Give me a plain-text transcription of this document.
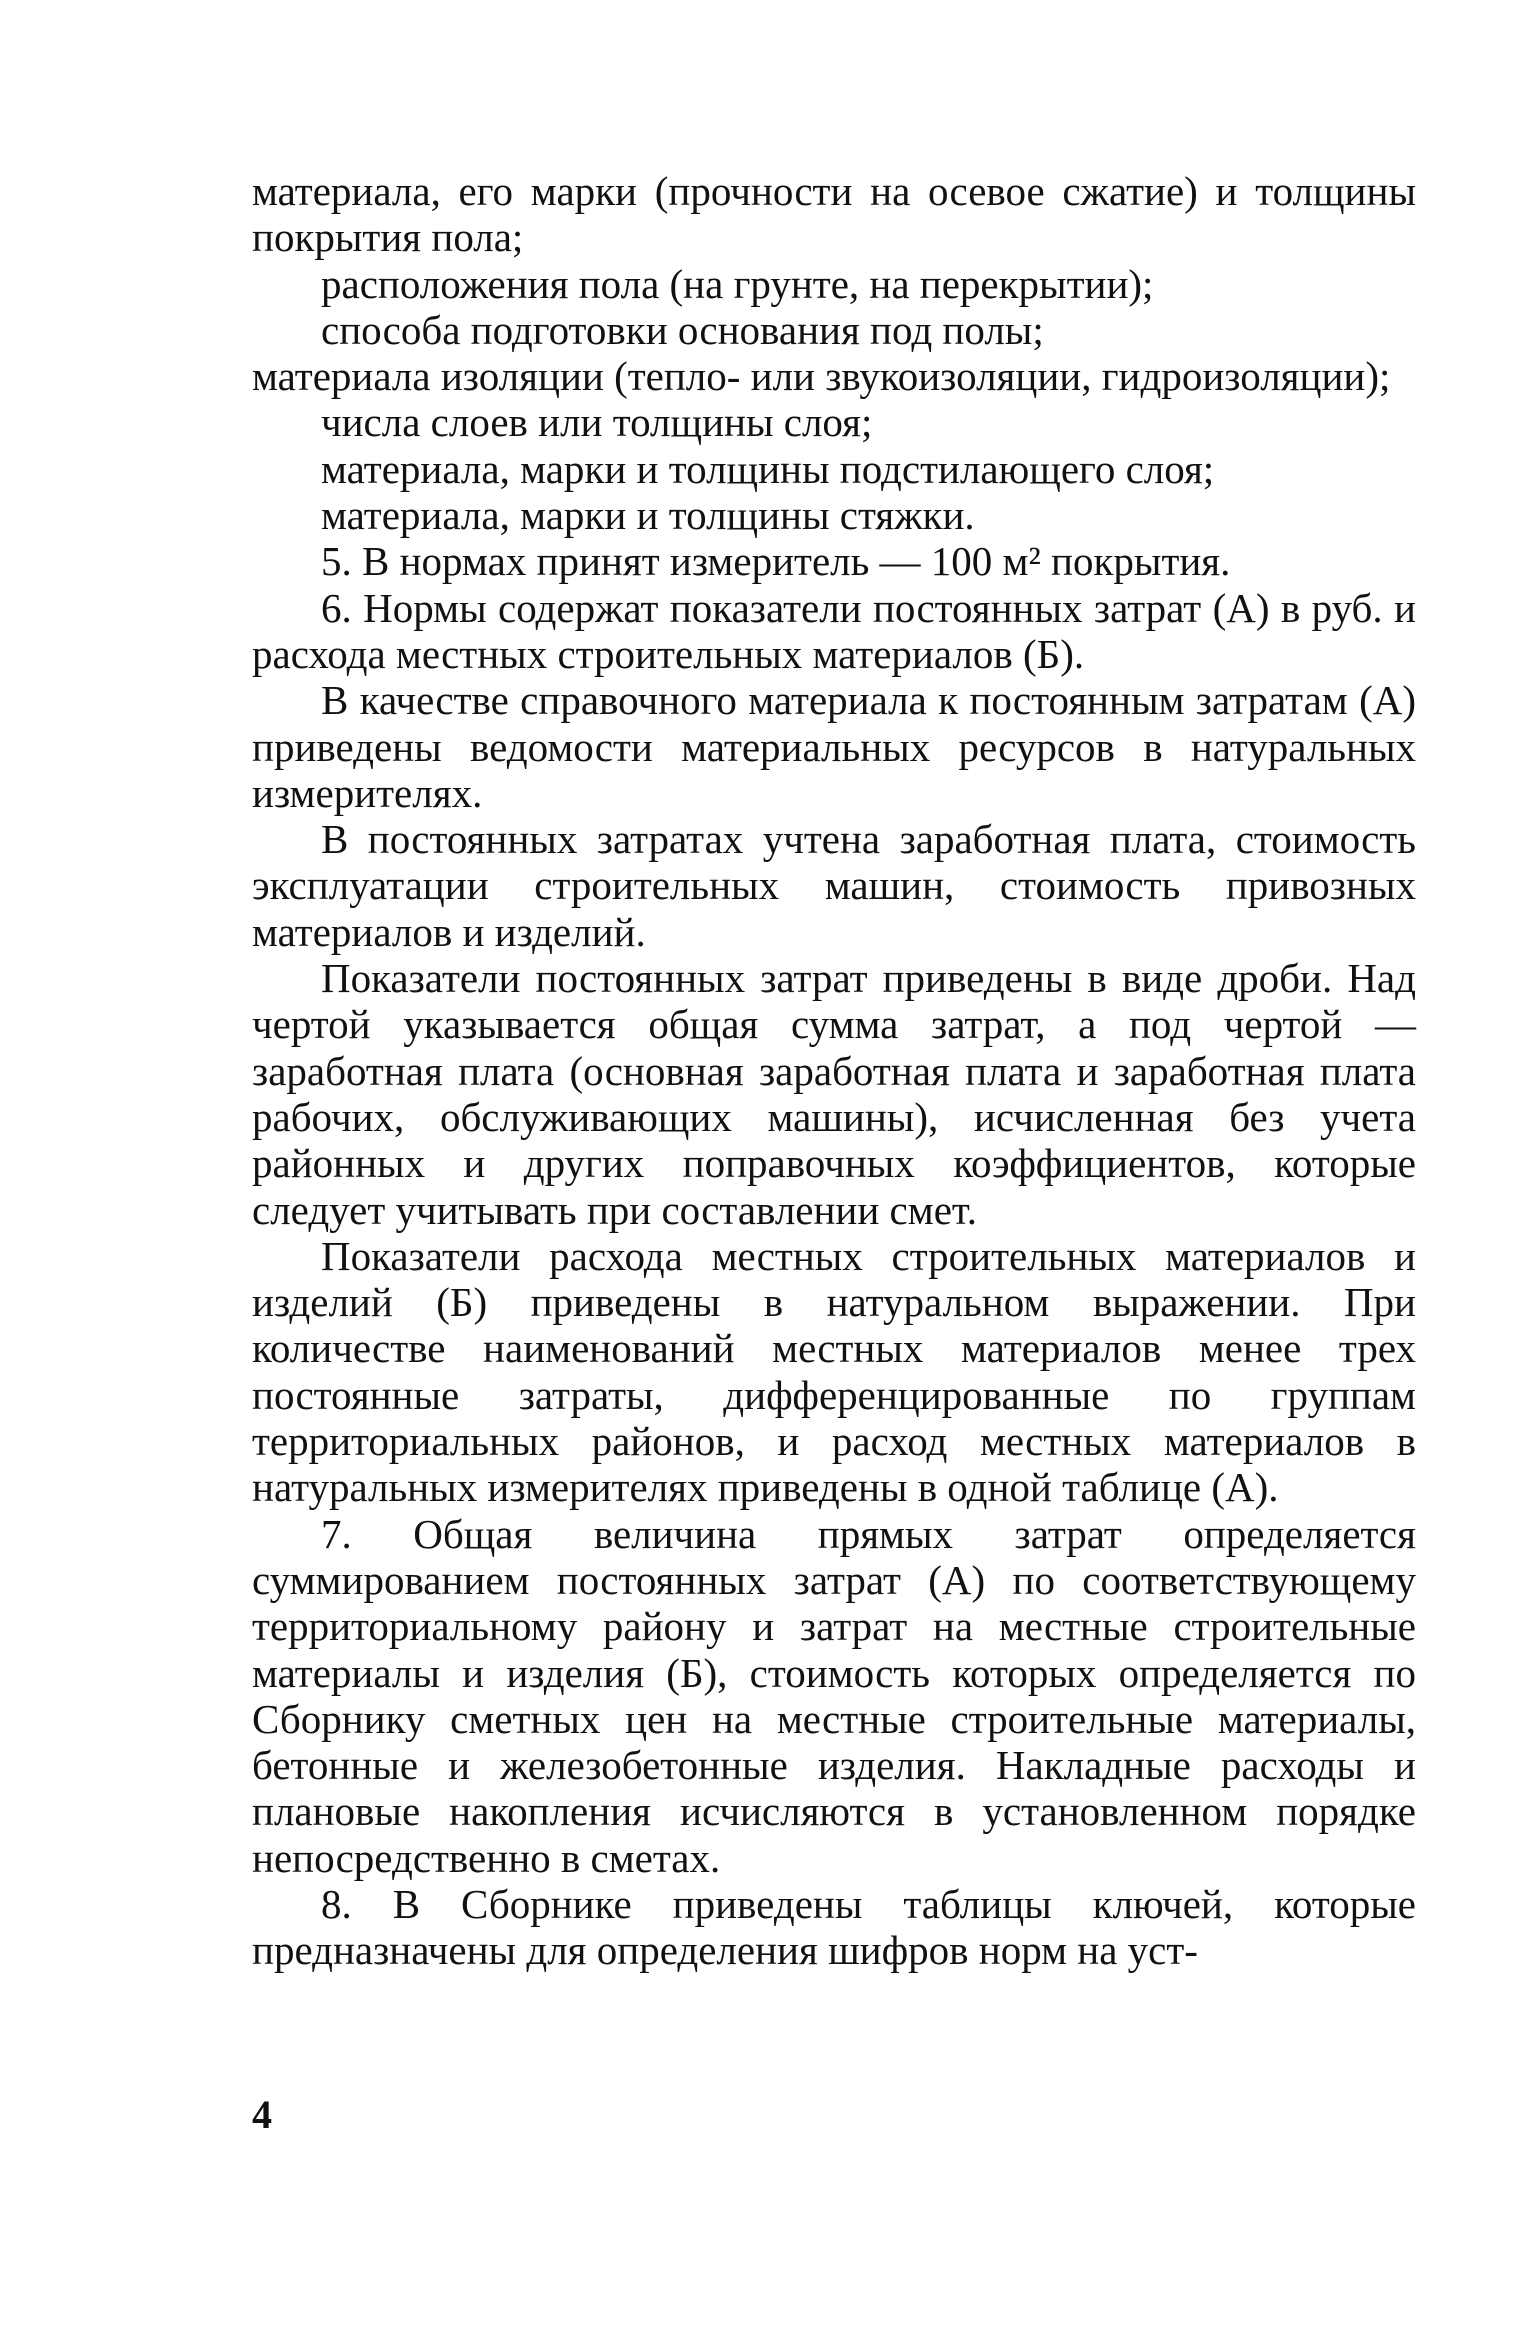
материала, его марки (прочности на осевое сжатие) и толщины покрытия пола;

расположения пола (на грунте, на перекрытии);

способа подготовки основания под полы;

материала изоляции (тепло- или звукоизоляции, гидроизоляции);

числа слоев или толщины слоя;

материала, марки и толщины подстилающего слоя;

материала, марки и толщины стяжки.

5. В нормах принят измеритель — 100 м² покрытия.

6. Нормы содержат показатели постоянных затрат (А) в руб. и расхода местных строительных материалов (Б).

В качестве справочного материала к постоянным затратам (А) приведены ведомости материальных ресурсов в натуральных измерителях.

В постоянных затратах учтена заработная плата, стоимость эксплуатации строительных машин, стоимость привозных материалов и изделий.

Показатели постоянных затрат приведены в виде дроби. Над чертой указывается общая сумма затрат, а под чертой — заработная плата (основная заработная плата и заработная плата рабочих, обслуживающих машины), исчисленная без учета районных и других поправочных коэффициентов, которые следует учитывать при составлении смет.

Показатели расхода местных строительных материалов и изделий (Б) приведены в натуральном выражении. При количестве наименований местных материалов менее трех постоянные затраты, дифференцированные по группам территориальных районов, и расход местных материалов в натуральных измерителях приведены в одной таблице (А).

7. Общая величина прямых затрат определяется суммированием постоянных затрат (А) по соответствующему территориальному району и затрат на местные строительные материалы и изделия (Б), стоимость которых определяется по Сборнику сметных цен на местные строительные материалы, бетонные и железобетонные изделия. Накладные расходы и плановые накопления исчисляются в установленном порядке непосредственно в сметах.

8. В Сборнике приведены таблицы ключей, которые предназначены для определения шифров норм на уст-

4
